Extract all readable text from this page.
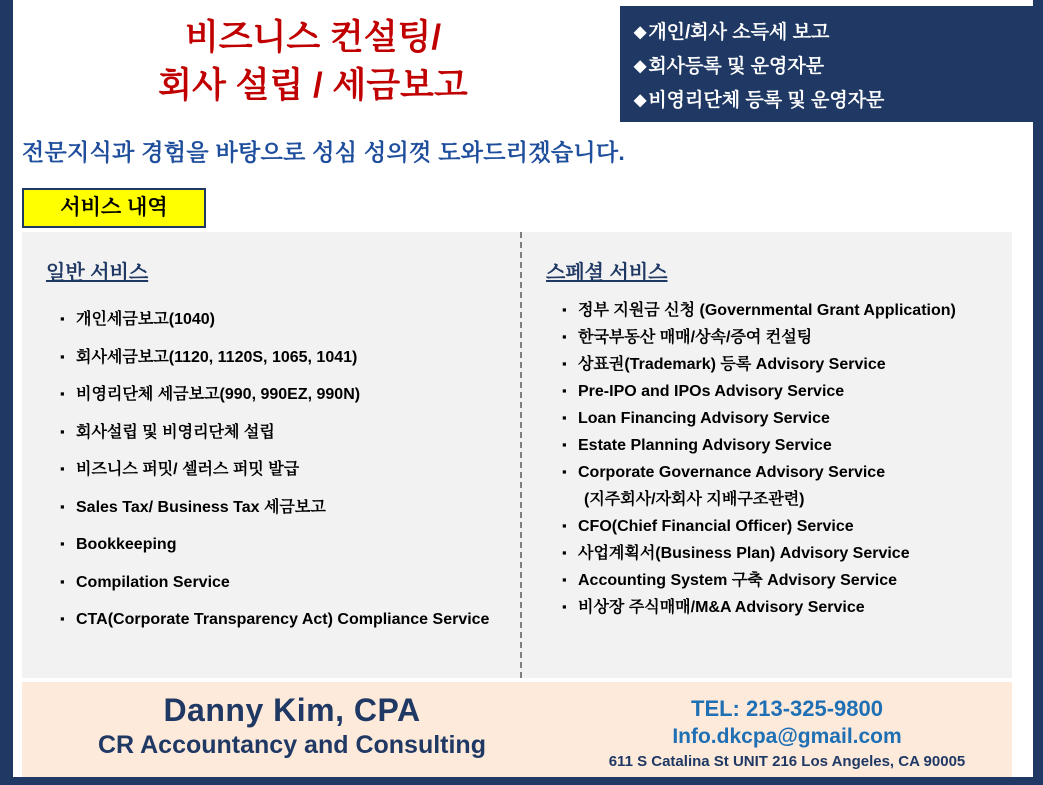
비즈니스 컨설팅/
회사 설립 / 세금보고
◆ 개인/회사 소득세 보고
◆ 회사등록 및 운영자문
◆ 비영리단체 등록 및 운영자문
전문지식과 경험을 바탕으로 성심 성의껏 도와드리겠습니다.
서비스 내역
일반 서비스
▪ 개인세금보고(1040)
▪ 회사세금보고(1120, 1120S, 1065, 1041)
▪ 비영리단체 세금보고(990, 990EZ, 990N)
▪ 회사설립 및 비영리단체 설립
▪ 비즈니스 퍼밋/ 셀러스 퍼밋 발급
▪ Sales Tax/ Business Tax 세금보고
▪ Bookkeeping
▪ Compilation Service
▪ CTA(Corporate Transparency Act) Compliance Service
스페셜 서비스
▪ 정부 지원금 신청 (Governmental Grant Application)
▪ 한국부동산 매매/상속/증여 컨설팅
▪ 상표권(Trademark) 등록 Advisory Service
▪ Pre-IPO and IPOs Advisory Service
▪ Loan Financing Advisory Service
▪ Estate Planning Advisory Service
▪ Corporate Governance Advisory Service
(지주회사/자회사 지배구조관련)
▪ CFO(Chief Financial Officer) Service
▪ 사업계획서(Business Plan) Advisory Service
▪ Accounting System 구축 Advisory Service
▪ 비상장 주식매매/M&A Advisory Service
Danny Kim, CPA
CR Accountancy and Consulting
TEL: 213-325-9800
Info.dkcpa@gmail.com
611 S Catalina St UNIT 216 Los Angeles, CA 90005
